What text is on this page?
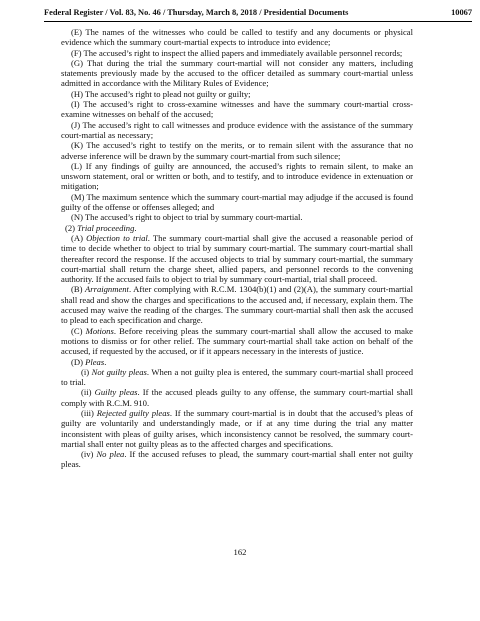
Federal Register / Vol. 83, No. 46 / Thursday, March 8, 2018 / Presidential Documents	10067

(E) The names of the witnesses who could be called to testify and any documents or physical evidence which the summary court-martial expects to introduce into evidence;

(F) The accused’s right to inspect the allied papers and immediately available personnel records;

(G) That during the trial the summary court-martial will not consider any matters, including statements previously made by the accused to the officer detailed as summary court-martial unless admitted in accordance with the Military Rules of Evidence;

(H) The accused’s right to plead not guilty or guilty;

(I) The accused’s right to cross-examine witnesses and have the summary court-martial cross-examine witnesses on behalf of the accused;

(J) The accused’s right to call witnesses and produce evidence with the assistance of the summary court-martial as necessary;

(K) The accused’s right to testify on the merits, or to remain silent with the assurance that no adverse inference will be drawn by the summary court-martial from such silence;

(L) If any findings of guilty are announced, the accused’s rights to remain silent, to make an unsworn statement, oral or written or both, and to testify, and to introduce evidence in extenuation or mitigation;

(M) The maximum sentence which the summary court-martial may adjudge if the accused is found guilty of the offense or offenses alleged; and

(N) The accused’s right to object to trial by summary court-martial.

(2) Trial proceeding.

(A) Objection to trial. The summary court-martial shall give the accused a reasonable period of time to decide whether to object to trial by summary court-martial. The summary court-martial shall thereafter record the response. If the accused objects to trial by summary court-martial, the summary court-martial shall return the charge sheet, allied papers, and personnel records to the convening authority. If the accused fails to object to trial by summary court-martial, trial shall proceed.

(B) Arraignment. After complying with R.C.M. 1304(b)(1) and (2)(A), the summary court-martial shall read and show the charges and specifications to the accused and, if necessary, explain them. The accused may waive the reading of the charges. The summary court-martial shall then ask the accused to plead to each specification and charge.

(C) Motions. Before receiving pleas the summary court-martial shall allow the accused to make motions to dismiss or for other relief. The summary court-martial shall take action on behalf of the accused, if requested by the accused, or if it appears necessary in the interests of justice.

(D) Pleas.

(i) Not guilty pleas. When a not guilty plea is entered, the summary court-martial shall proceed to trial.

(ii) Guilty pleas. If the accused pleads guilty to any offense, the summary court-martial shall comply with R.C.M. 910.

(iii) Rejected guilty pleas. If the summary court-martial is in doubt that the accused’s pleas of guilty are voluntarily and understandingly made, or if at any time during the trial any matter inconsistent with pleas of guilty arises, which inconsistency cannot be resolved, the summary court-martial shall enter not guilty pleas as to the affected charges and specifications.

(iv) No plea. If the accused refuses to plead, the summary court-martial shall enter not guilty pleas.

162
